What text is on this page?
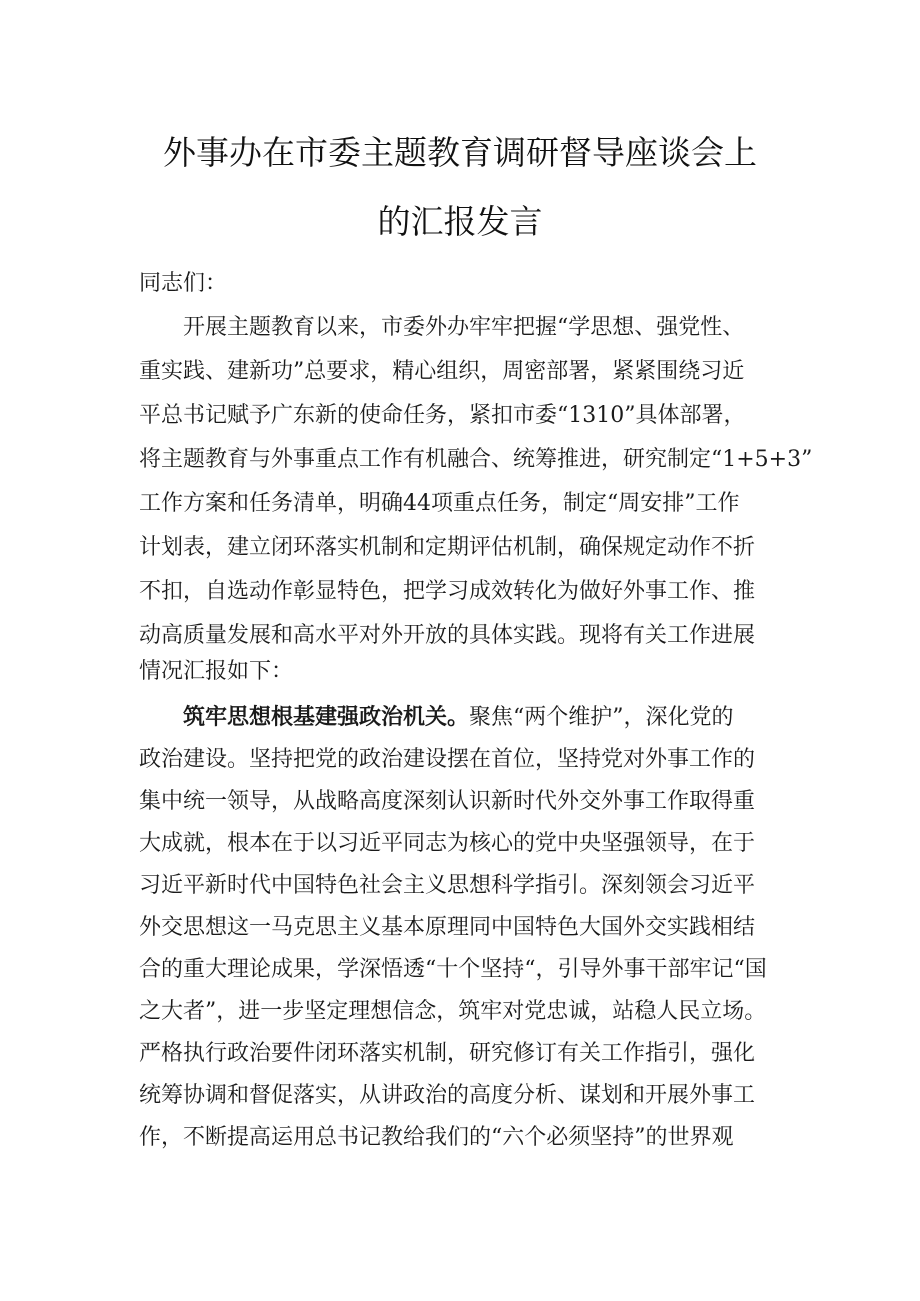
外事办在市委主题教育调研督导座谈会上
的汇报发言
同志们：
开展主题教育以来，市委外办牢牢把握“学思想、强党性、
重实践、建新功”总要求，精心组织，周密部署，紧紧围绕习近
平总书记赋予广东新的使命任务，紧扣市委“1310”具体部署，
将主题教育与外事重点工作有机融合、统筹推进，研究制定“1+5+3”
工作方案和任务清单，明确44项重点任务，制定“周安排”工作
计划表，建立闭环落实机制和定期评估机制，确保规定动作不折
不扣，自选动作彰显特色，把学习成效转化为做好外事工作、推
动高质量发展和高水平对外开放的具体实践。现将有关工作进展
情况汇报如下：
筑牢思想根基建强政治机关。聚焦“两个维护”，深化党的
政治建设。坚持把党的政治建设摆在首位，坚持党对外事工作的
集中统一领导，从战略高度深刻认识新时代外交外事工作取得重
大成就，根本在于以习近平同志为核心的党中央坚强领导，在于
习近平新时代中国特色社会主义思想科学指引。深刻领会习近平
外交思想这一马克思主义基本原理同中国特色大国外交实践相结
合的重大理论成果，学深悟透“十个坚持“，引导外事干部牢记“国
之大者”，进一步坚定理想信念，筑牢对党忠诚，站稳人民立场。
严格执行政治要件闭环落实机制，研究修订有关工作指引，强化
统筹协调和督促落实，从讲政治的高度分析、谋划和开展外事工
作，不断提高运用总书记教给我们的“六个必须坚持”的世界观
